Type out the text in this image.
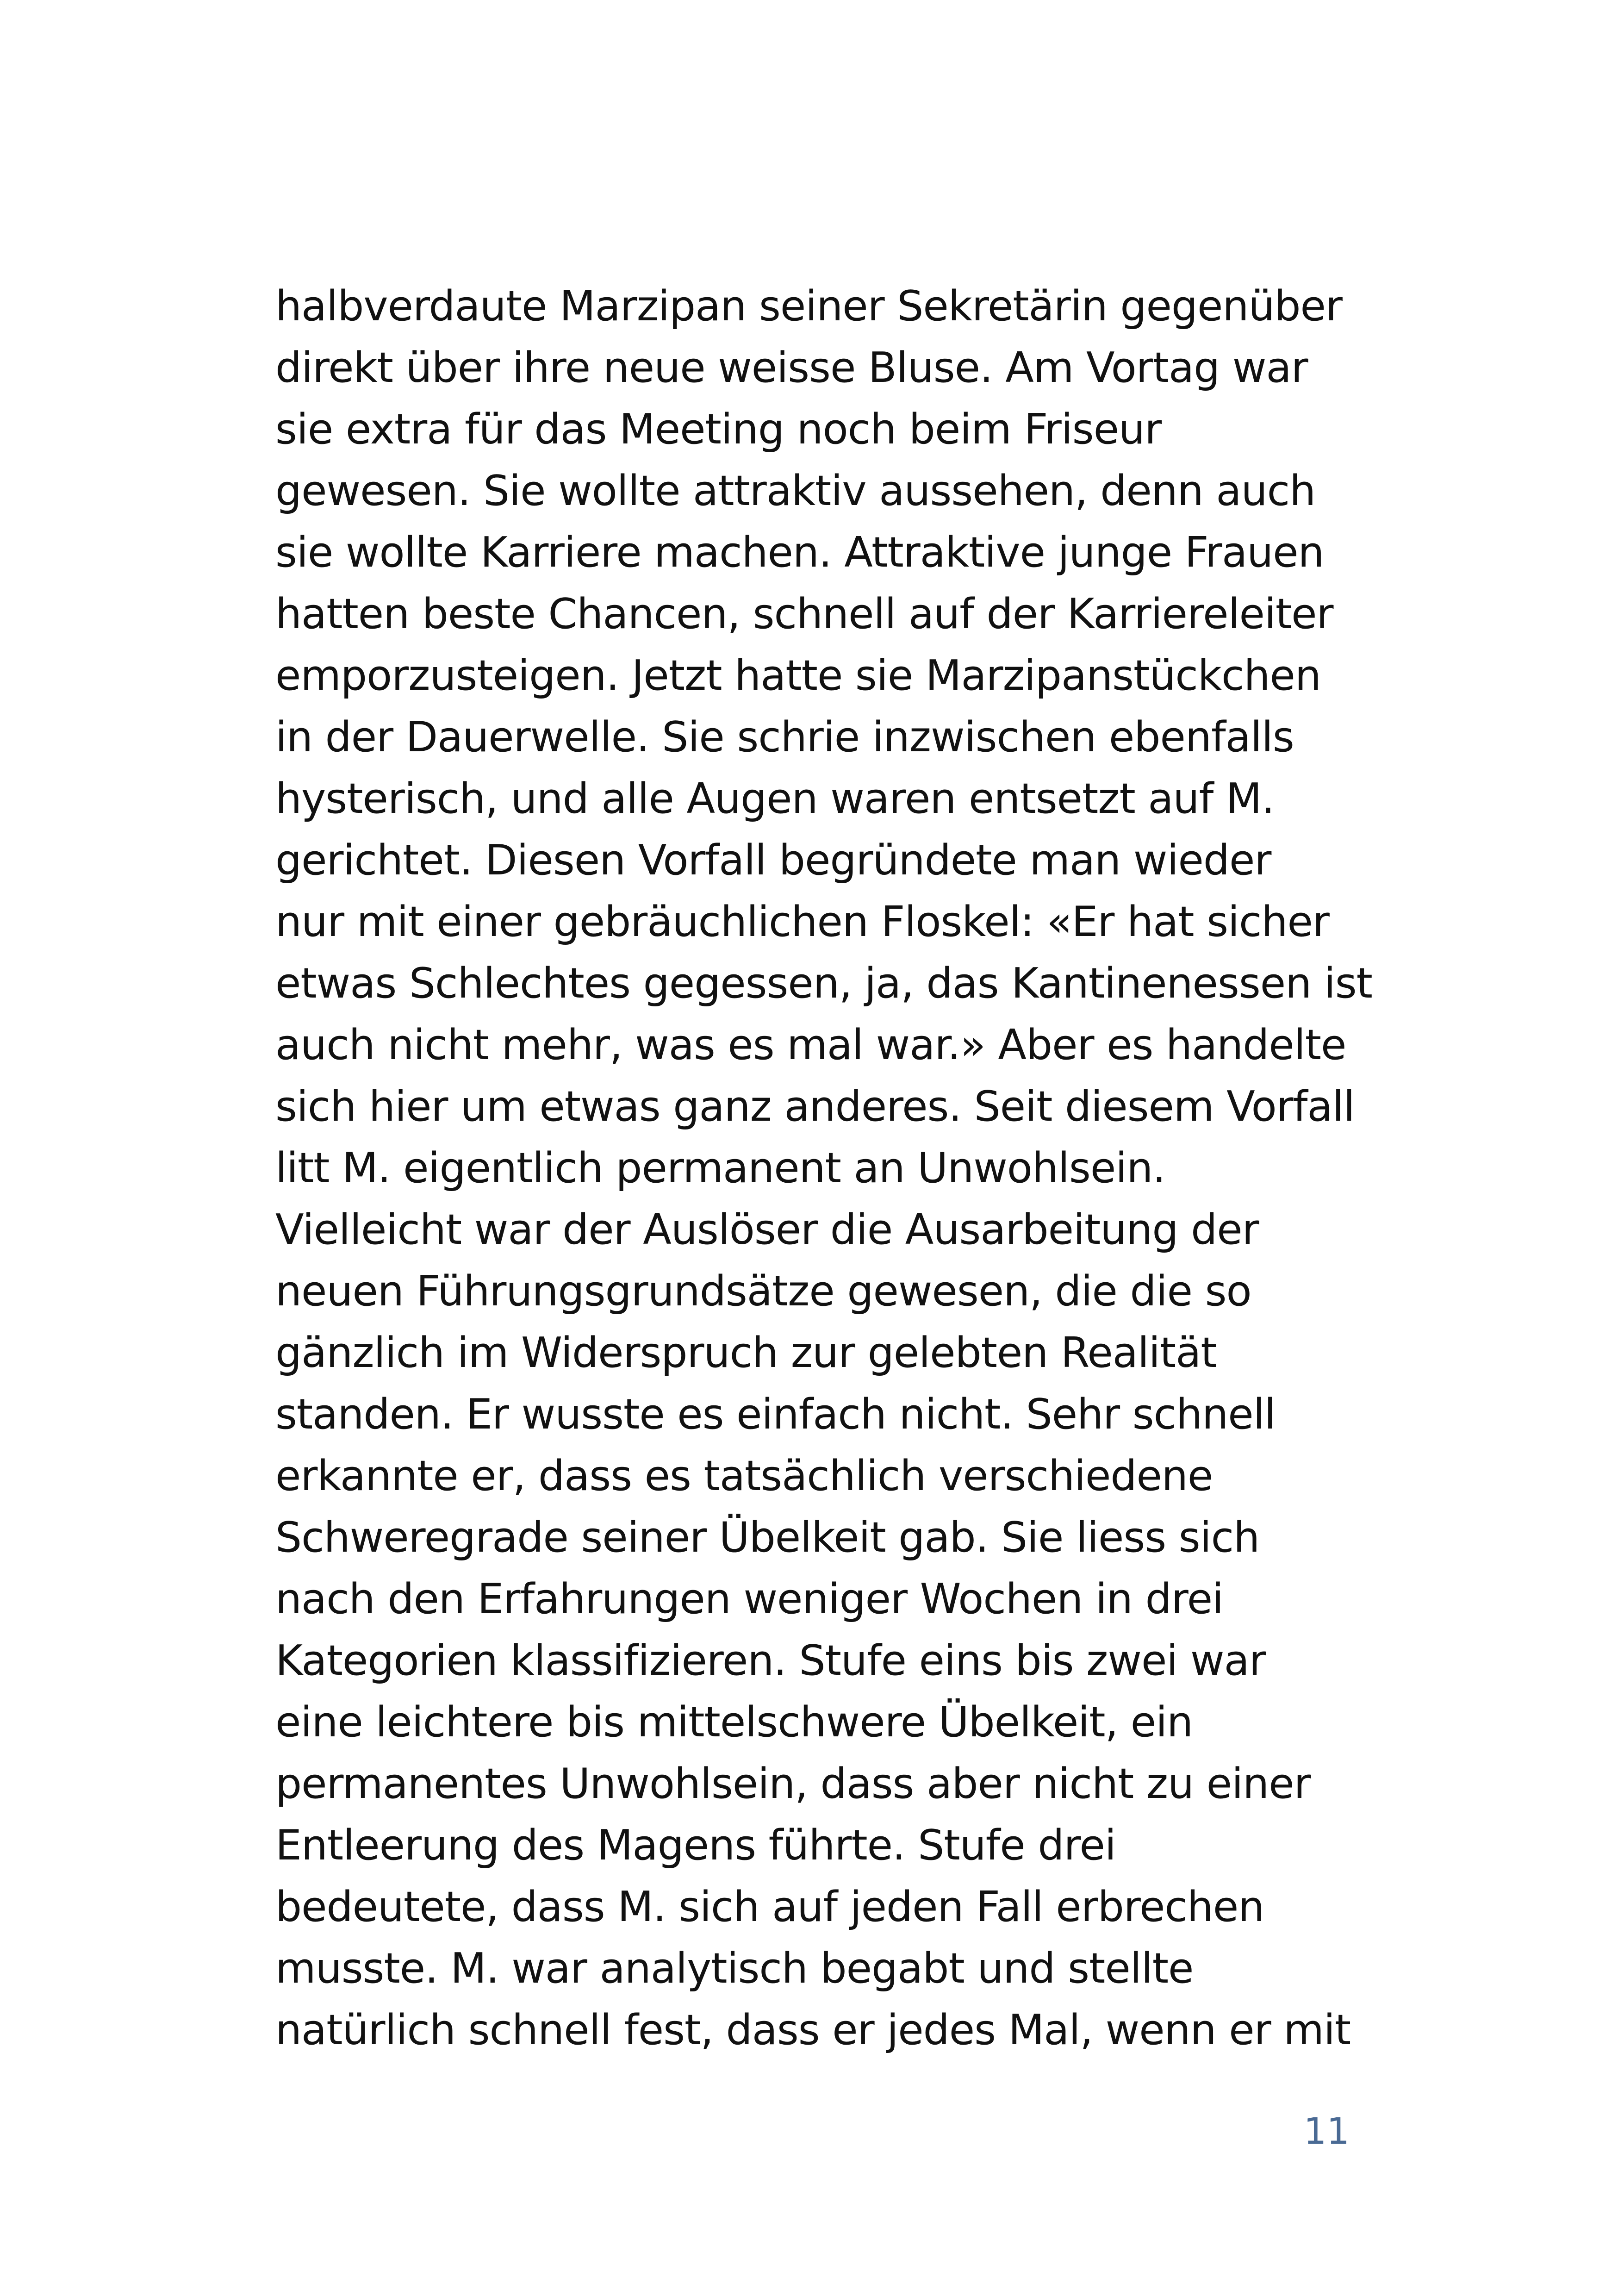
halbverdaute Marzipan seiner Sekretärin gegenüber
direkt über ihre neue weisse Bluse. Am Vortag war
sie extra für das Meeting noch beim Friseur
gewesen. Sie wollte attraktiv aussehen, denn auch
sie wollte Karriere machen. Attraktive junge Frauen
hatten beste Chancen, schnell auf der Karriereleiter
emporzusteigen. Jetzt hatte sie Marzipanstückchen
in der Dauerwelle. Sie schrie inzwischen ebenfalls
hysterisch, und alle Augen waren entsetzt auf M.
gerichtet. Diesen Vorfall begründete man wieder
nur mit einer gebräuchlichen Floskel: «Er hat sicher
etwas Schlechtes gegessen, ja, das Kantinenessen ist
auch nicht mehr, was es mal war.» Aber es handelte
sich hier um etwas ganz anderes. Seit diesem Vorfall
litt M. eigentlich permanent an Unwohlsein.
Vielleicht war der Auslöser die Ausarbeitung der
neuen Führungsgrundsätze gewesen, die die so
gänzlich im Widerspruch zur gelebten Realität
standen. Er wusste es einfach nicht. Sehr schnell
erkannte er, dass es tatsächlich verschiedene
Schweregrade seiner Übelkeit gab. Sie liess sich
nach den Erfahrungen weniger Wochen in drei
Kategorien klassifizieren. Stufe eins bis zwei war
eine leichtere bis mittelschwere Übelkeit, ein
permanentes Unwohlsein, dass aber nicht zu einer
Entleerung des Magens führte. Stufe drei
bedeutete, dass M. sich auf jeden Fall erbrechen
musste. M. war analytisch begabt und stellte
natürlich schnell fest, dass er jedes Mal, wenn er mit
11
